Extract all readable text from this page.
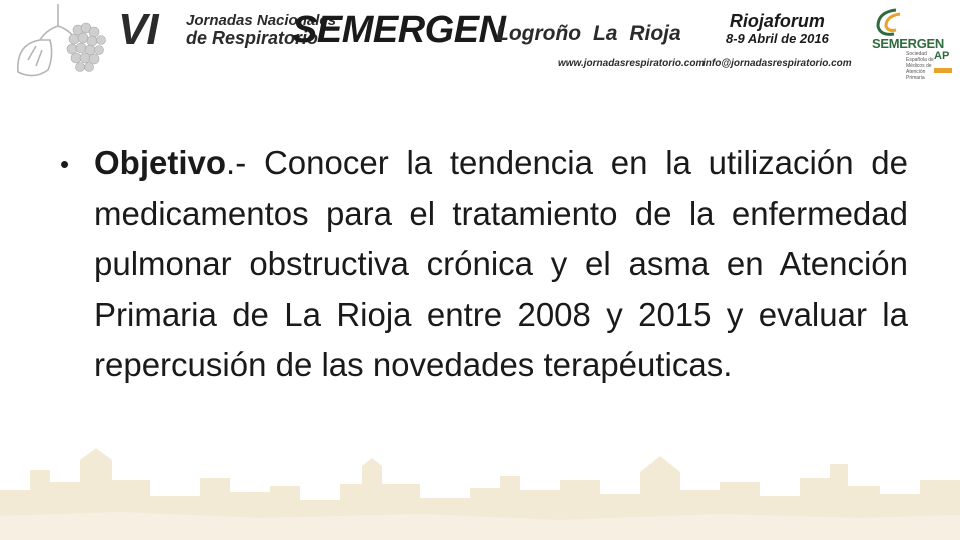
VI Jornadas Nacionales
de Respiratorio
SEMERGEN
Logroño La Rioja
www.jornadasrespiratorio.com
Riojaforum
8-9 Abril de 2016
info@jornadasrespiratorio.com
SEMERGEN
Sociedad Española de Médicos de Atención Primaria
AP
• Objetivo.- Conocer la tendencia en la utilización de medicamentos para el tratamiento de la enfermedad pulmonar obstructiva crónica y el asma en Atención Primaria de La Rioja entre 2008 y 2015 y evaluar la repercusión de las novedades terapéuticas.
